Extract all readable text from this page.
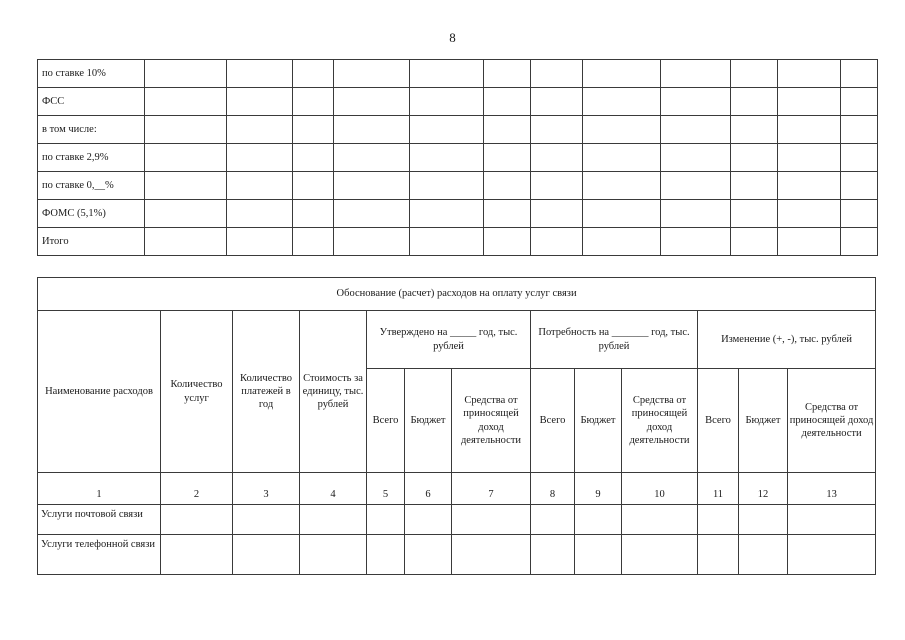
8
по ставке 10%												
ФСС												
в том числе:												
по ставке 2,9%												
по ставке 0,__%												
ФОМС (5,1%)												
Итого												
Обоснование (расчет) расходов на оплату услуг связи												
Наименование расходов	Количество услуг	Количество платежей в год	Стоимость за единицу, тыс. рублей	Утверждено на _____ год, тыс. рублей			Потребность на _______ год, тыс. рублей			Изменение (+, -), тыс. рублей		
				Всего	Бюджет	Средства от приносящей доход деятельности	Всего	Бюджет	Средства от приносящей доход деятельности	Всего	Бюджет	Средства от приносящей доход деятельности
1	2	3	4	5	6	7	8	9	10	11	12	13
Услуги почтовой связи												
Услуги телефонной связи												
